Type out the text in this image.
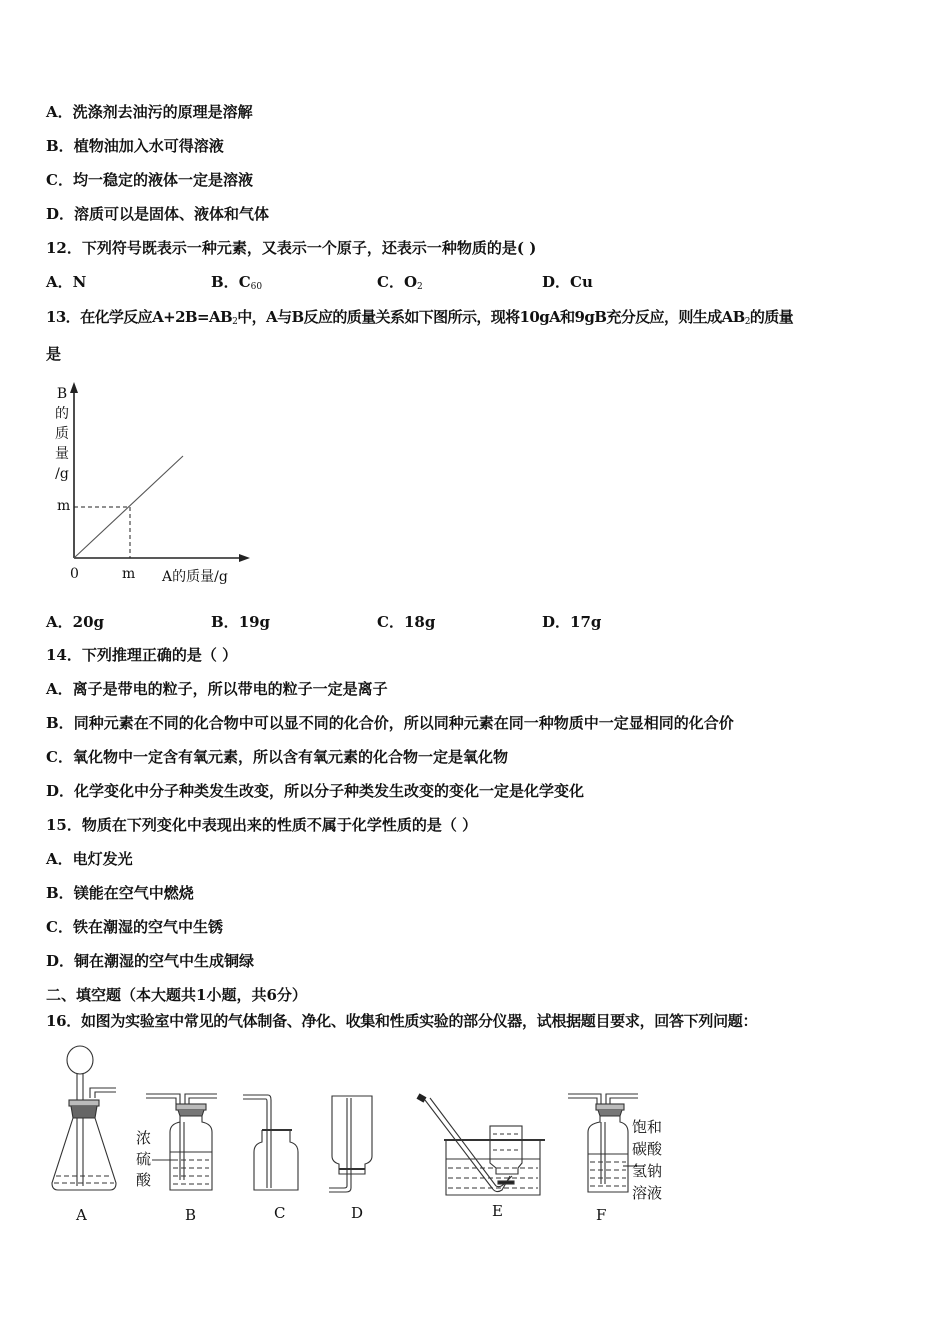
A．洗涤剂去油污的原理是溶解
B．植物油加入水可得溶液
C．均一稳定的液体一定是溶液
D．溶质可以是固体、液体和气体
12．下列符号既表示一种元素，又表示一个原子，还表示一种物质的是( )
A．N	B．$C_{60}$	C．$O_2$	D．Cu
13．在化学反应$A+2B=AB_2$中，A与B反应的质量关系如下图所示，现将10gA和9gB充分反应，则生成$AB_2$的质量
是
B
的
质
量
/g
m
0	m A的质量/g
A．20g	B．19g	C．18g	D．17g
14．下列推理正确的是（ ）
A．离子是带电的粒子，所以带电的粒子一定是离子
B．同种元素在不同的化合物中可以显不同的化合价，所以同种元素在同一种物质中一定显相同的化合价
C．氧化物中一定含有氧元素，所以含有氧元素的化合物一定是氧化物
D．化学变化中分子种类发生改变，所以分子种类发生改变的变化一定是化学变化
15．物质在下列变化中表现出来的性质不属于化学性质的是（ ）
A．电灯发光
B．镁能在空气中燃烧
C．铁在潮湿的空气中生锈
D．铜在潮湿的空气中生成铜绿
二、填空题（本大题共1小题，共6分）
16．如图为实验室中常见的气体制备、净化、收集和性质实验的部分仪器，试根据题目要求，回答下列问题：
浓
硫
酸
饱和
碳酸
氢钠
溶液
A	B	C	D	E	F
